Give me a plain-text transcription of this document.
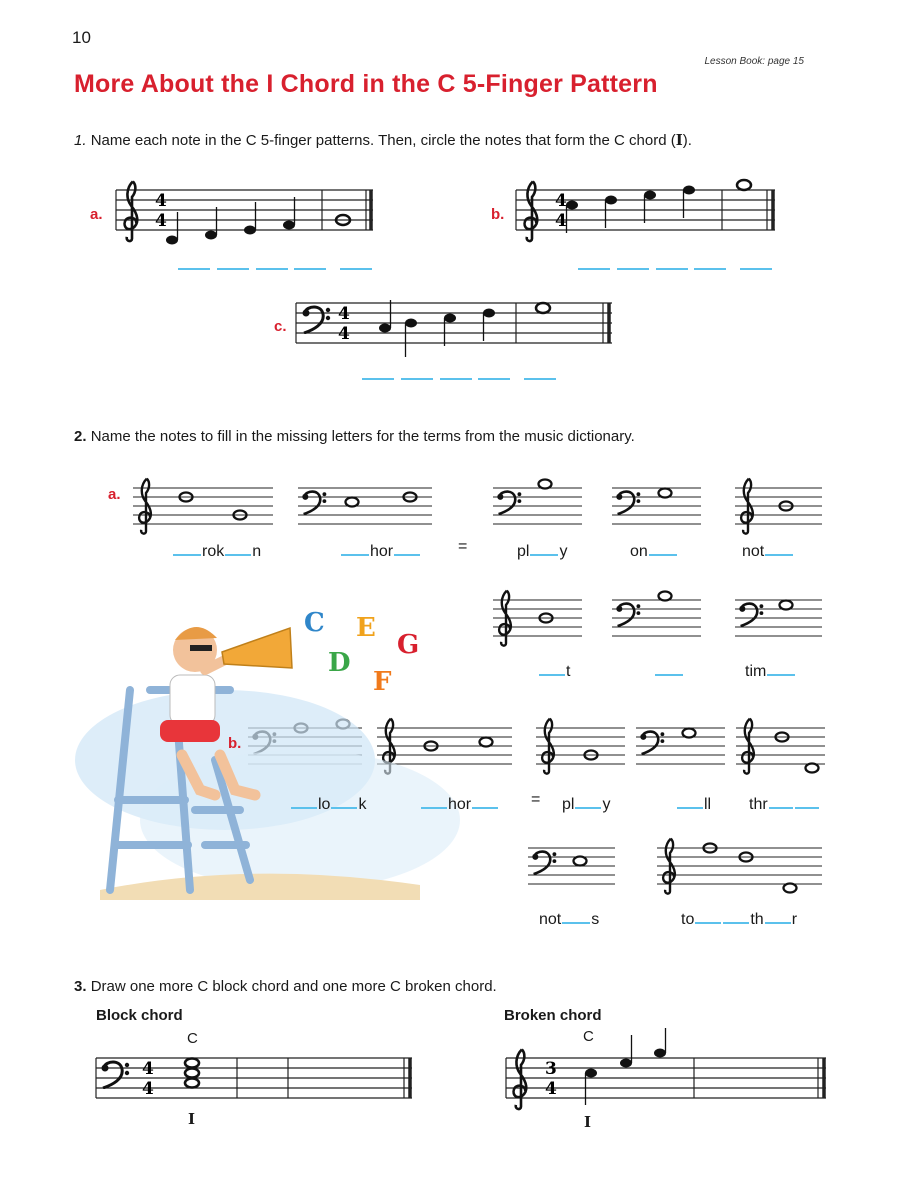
10
Lesson Book: page 15
More About the I Chord in the C 5-Finger Pattern
1. Name each note in the C 5-finger patterns. Then, circle the notes that form the C chord (I).
4
4
4
4
4
4
4
4
3
4
C E
G
D
F
a.	b.
c.
2. Name the notes to fill in the missing letters for the terms from the music dictionary.
a.
b.
rok n	hor	=	pl y	on	not
t	tim
lo k	hor	= pl y	ll thr
not s	to	th r
3. Draw one more C block chord and one more C broken chord.
Block chord
C
I
Broken chord
C
I
